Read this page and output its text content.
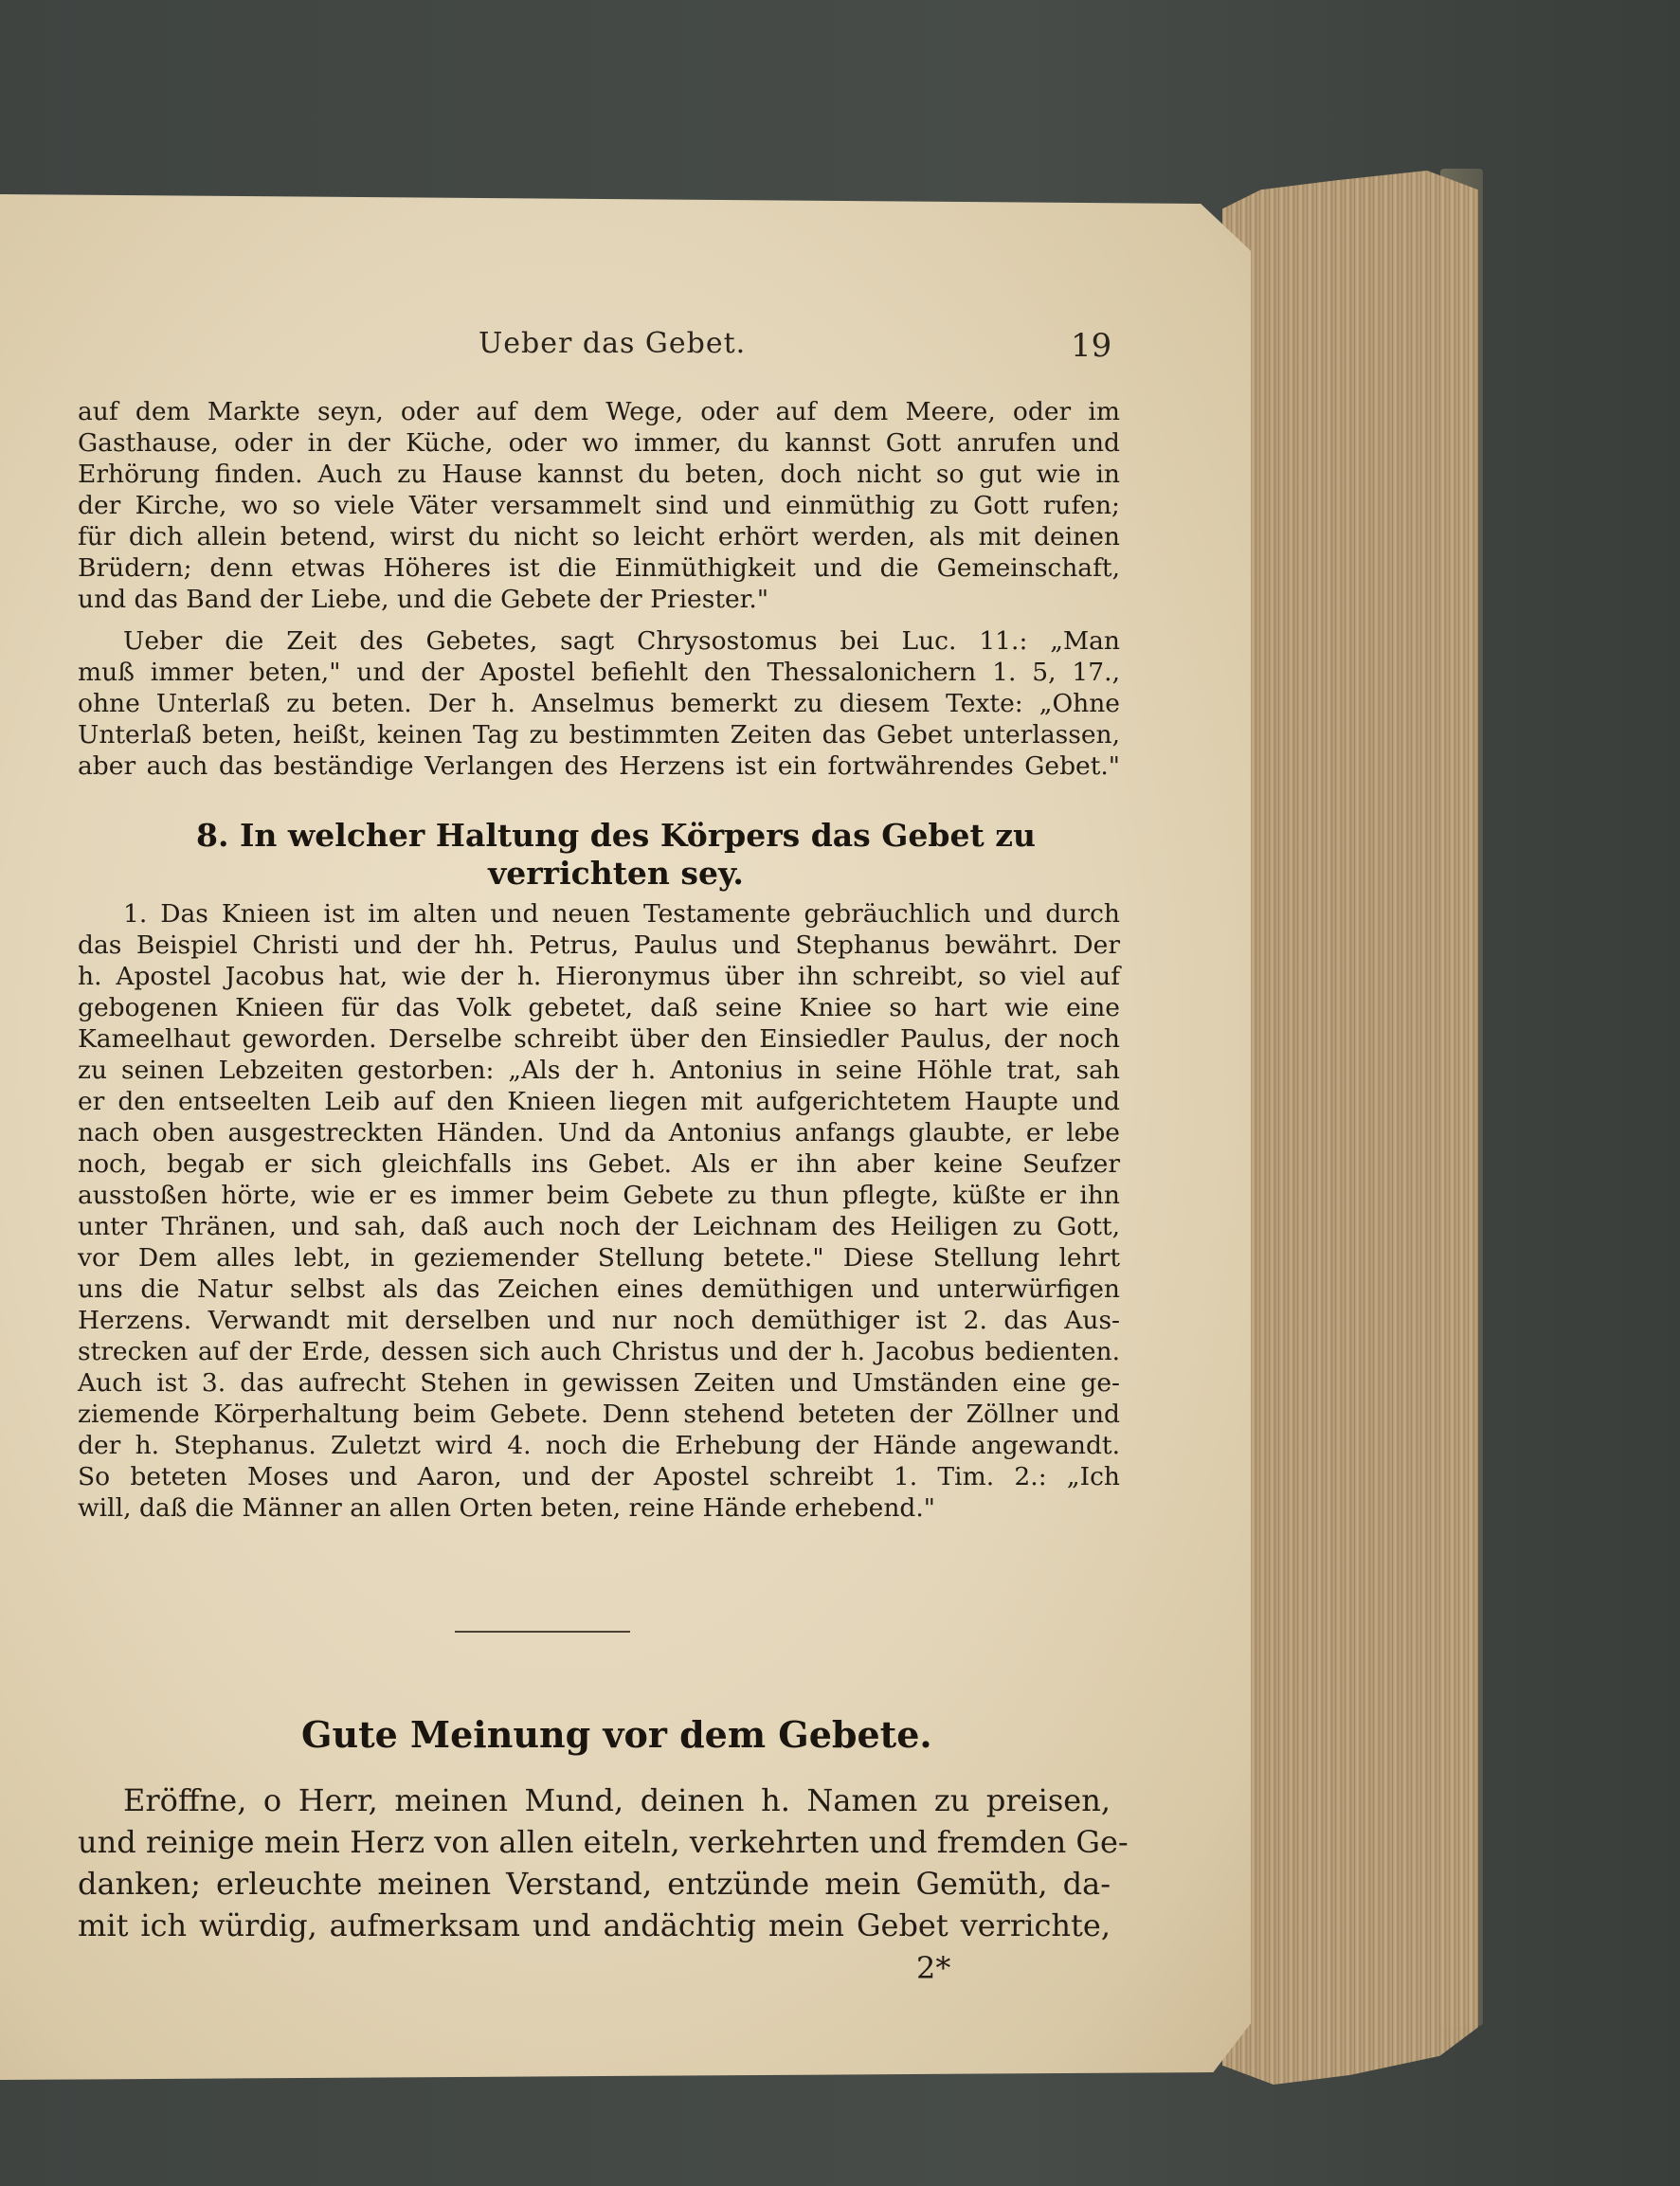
Ueber das Gebet.	19
auf dem Markte seyn, oder auf dem Wege, oder auf dem Meere, oder im
Gasthause, oder in der Küche, oder wo immer, du kannst Gott anrufen und
Erhörung finden. Auch zu Hause kannst du beten, doch nicht so gut wie in
der Kirche, wo so viele Väter versammelt sind und einmüthig zu Gott rufen;
für dich allein betend, wirst du nicht so leicht erhört werden, als mit deinen
Brüdern; denn etwas Höheres ist die Einmüthigkeit und die Gemeinschaft,
und das Band der Liebe, und die Gebete der Priester."
Ueber die Zeit des Gebetes, sagt Chrysostomus bei Luc. 11.: „Man
muß immer beten," und der Apostel befiehlt den Thessalonichern 1. 5, 17.,
ohne Unterlaß zu beten. Der h. Anselmus bemerkt zu diesem Texte: „Ohne
Unterlaß beten, heißt, keinen Tag zu bestimmten Zeiten das Gebet unterlassen,
aber auch das beständige Verlangen des Herzens ist ein fortwährendes Gebet."
8. In welcher Haltung des Körpers das Gebet zu
verrichten sey.
1. Das Knieen ist im alten und neuen Testamente gebräuchlich und durch
das Beispiel Christi und der hh. Petrus, Paulus und Stephanus bewährt. Der
h. Apostel Jacobus hat, wie der h. Hieronymus über ihn schreibt, so viel auf
gebogenen Knieen für das Volk gebetet, daß seine Kniee so hart wie eine
Kameelhaut geworden. Derselbe schreibt über den Einsiedler Paulus, der noch
zu seinen Lebzeiten gestorben: „Als der h. Antonius in seine Höhle trat, sah
er den entseelten Leib auf den Knieen liegen mit aufgerichtetem Haupte und
nach oben ausgestreckten Händen. Und da Antonius anfangs glaubte, er lebe
noch, begab er sich gleichfalls ins Gebet. Als er ihn aber keine Seufzer
ausstoßen hörte, wie er es immer beim Gebete zu thun pflegte, küßte er ihn
unter Thränen, und sah, daß auch noch der Leichnam des Heiligen zu Gott,
vor Dem alles lebt, in geziemender Stellung betete." Diese Stellung lehrt
uns die Natur selbst als das Zeichen eines demüthigen und unterwürfigen
Herzens. Verwandt mit derselben und nur noch demüthiger ist 2. das Aus-
strecken auf der Erde, dessen sich auch Christus und der h. Jacobus bedienten.
Auch ist 3. das aufrecht Stehen in gewissen Zeiten und Umständen eine ge-
ziemende Körperhaltung beim Gebete. Denn stehend beteten der Zöllner und
der h. Stephanus. Zuletzt wird 4. noch die Erhebung der Hände angewandt.
So beteten Moses und Aaron, und der Apostel schreibt 1. Tim. 2.: „Ich
will, daß die Männer an allen Orten beten, reine Hände erhebend."
Gute Meinung vor dem Gebete.
Eröffne, o Herr, meinen Mund, deinen h. Namen zu preisen,
und reinige mein Herz von allen eiteln, verkehrten und fremden Ge-
danken; erleuchte meinen Verstand, entzünde mein Gemüth, da-
mit ich würdig, aufmerksam und andächtig mein Gebet verrichte,
2*
